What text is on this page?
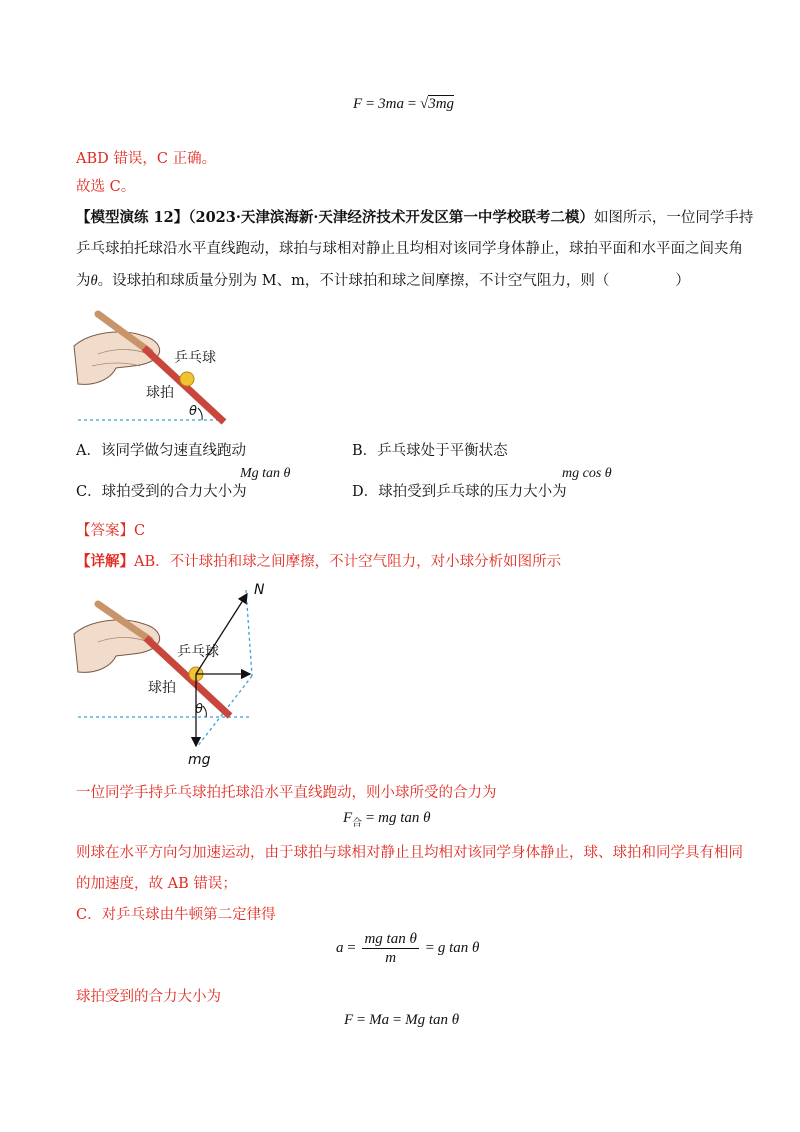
F = 3ma = √3mg
ABD 错误，C 正确。
故选 C。
【模型演练 12】（2023·天津滨海新·天津经济技术开发区第一中学校联考二模）如图所示，一位同学手持
乒乓球拍托球沿水平直线跑动，球拍与球相对静止且均相对该同学身体静止，球拍平面和水平面之间夹角
为θ。设球拍和球质量分别为 M、m，不计球拍和球之间摩擦，不计空气阻力，则（	）
乒乓球
球拍
θ
A．该同学做匀速直线跑动	B．乒乓球处于平衡状态
Mg tan θ
C．球拍受到的合力大小为
mg cos θ
D．球拍受到乒乓球的压力大小为
【答案】C
【详解】AB．不计球拍和球之间摩擦，不计空气阻力，对小球分析如图所示
N
乒乓球
球拍
θ
mg
一位同学手持乒乓球拍托球沿水平直线跑动，则小球所受的合力为
$F_合$ = mg tan θ
则球在水平方向匀加速运动，由于球拍与球相对静止且均相对该同学身体静止，球、球拍和同学具有相同
的加速度，故 AB 错误；
C．对乒乓球由牛顿第二定律得
$a = \frac{\text{mg tan θ}}{m} = g$ tan θ
球拍受到的合力大小为
F = Ma = Mg tan θ
